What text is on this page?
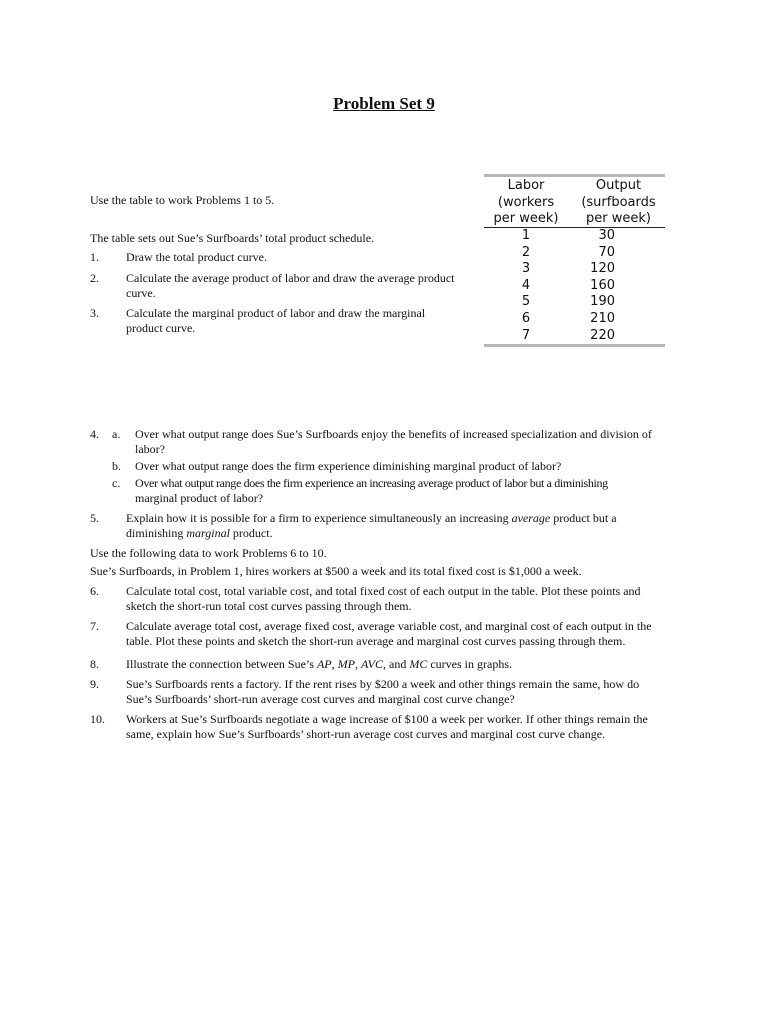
Problem Set 9
Use the table to work Problems 1 to 5.
The table sets out Sue’s Surfboards’ total product schedule.
1. Draw the total product curve.
2. Calculate the average product of labor and draw the average product
curve.
3. Calculate the marginal product of labor and draw the marginal
product curve.
Labor
(workers
per week)
Output
(surfboards
per week)
1	30
2	70
3	120
4	160
5	190
6	210
7	220
4. a. Over what output range does Sue’s Surfboards enjoy the benefits of increased specialization and division of
labor?
b. Over what output range does the firm experience diminishing marginal product of labor?
c. Over what output range does the firm experience an increasing average product of labor but a diminishing
marginal product of labor?
5. Explain how it is possible for a firm to experience simultaneously an increasing average product but a
diminishing marginal product.
Use the following data to work Problems 6 to 10.
Sue’s Surfboards, in Problem 1, hires workers at $500 a week and its total fixed cost is $1,000 a week.
6. Calculate total cost, total variable cost, and total fixed cost of each output in the table. Plot these points and
sketch the short-run total cost curves passing through them.
7. Calculate average total cost, average fixed cost, average variable cost, and marginal cost of each output in the
table. Plot these points and sketch the short-run average and marginal cost curves passing through them.
8. Illustrate the connection between Sue’s AP, MP, AVC, and MC curves in graphs.
9. Sue’s Surfboards rents a factory. If the rent rises by $200 a week and other things remain the same, how do
Sue’s Surfboards’ short-run average cost curves and marginal cost curve change?
10. Workers at Sue’s Surfboards negotiate a wage increase of $100 a week per worker. If other things remain the
same, explain how Sue’s Surfboards’ short-run average cost curves and marginal cost curve change.
